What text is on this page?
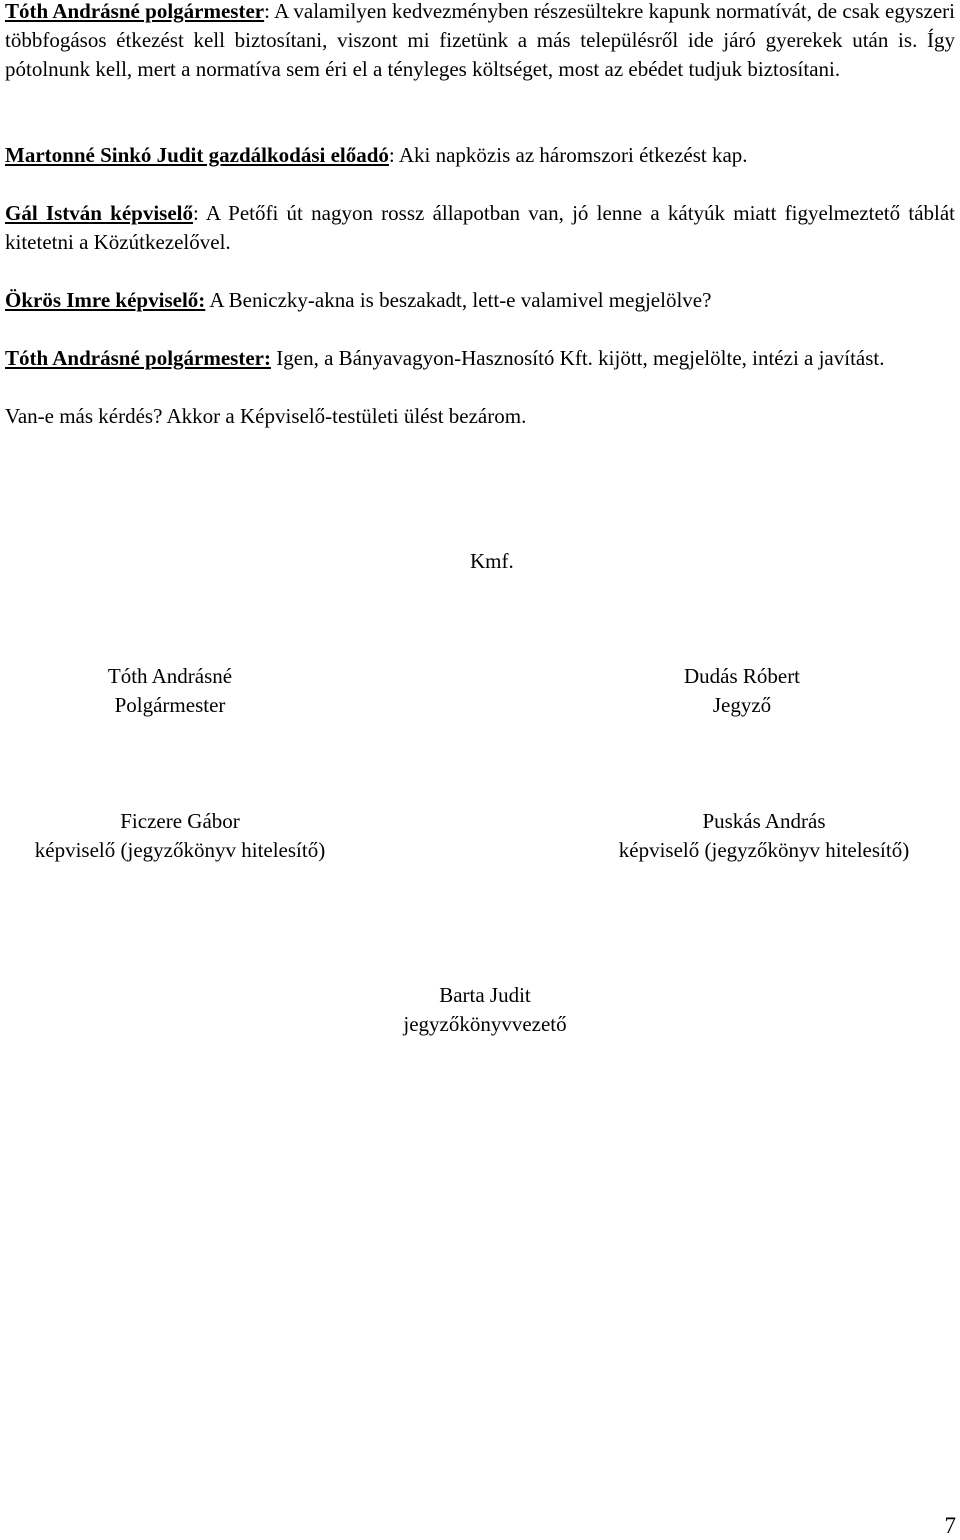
Tóth Andrásné polgármester: A valamilyen kedvezményben részesültekre kapunk normatívát, de csak egyszeri többfogásos étkezést kell biztosítani, viszont mi fizetünk a más településről ide járó gyerekek után is. Így pótolnunk kell, mert a normatíva sem éri el a tényleges költséget, most az ebédet tudjuk biztosítani.

Martonné Sinkó Judit gazdálkodási előadó: Aki napközis az háromszori étkezést kap.

Gál István képviselő: A Petőfi út nagyon rossz állapotban van, jó lenne a kátyúk miatt figyelmeztető táblát kitetetni a Közútkezelővel.

Ökrös Imre képviselő: A Beniczky-akna is beszakadt, lett-e valamivel megjelölve?

Tóth Andrásné polgármester: Igen, a Bányavagyon-Hasznosító Kft. kijött, megjelölte, intézi a javítást.

Van-e más kérdés? Akkor a Képviselő-testületi ülést bezárom.

Kmf.
Tóth Andrásné
Polgármester
Dudás Róbert
Jegyző
Ficzere Gábor
képviselő (jegyzőkönyv hitelesítő)
Puskás András
képviselő (jegyzőkönyv hitelesítő)
Barta Judit
jegyzőkönyvvezető
7
